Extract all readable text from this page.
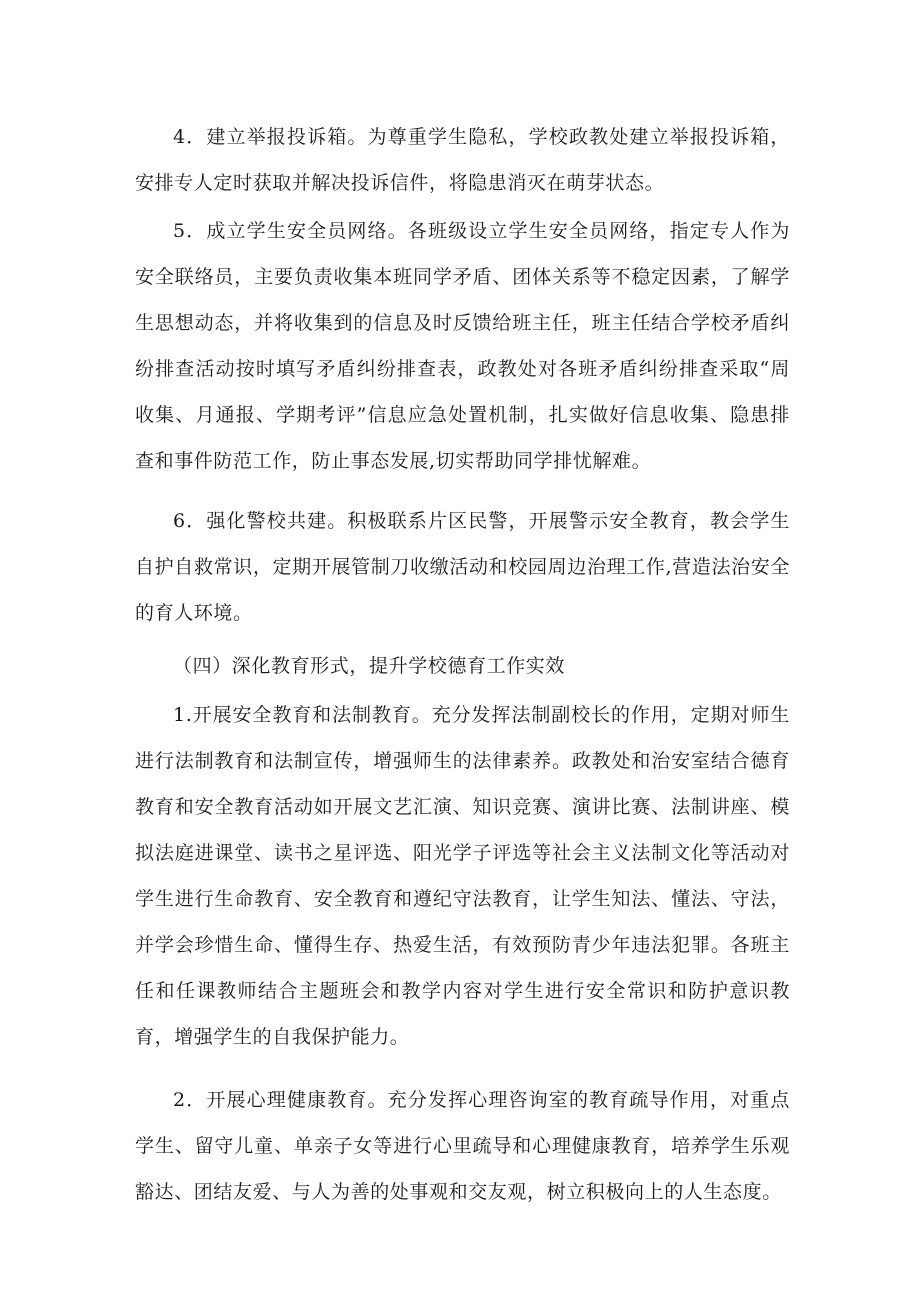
4．建立举报投诉箱。为尊重学生隐私，学校政教处建立举报投诉箱，安排专人定时获取并解决投诉信件，将隐患消灭在萌芽状态。

5．成立学生安全员网络。各班级设立学生安全员网络，指定专人作为安全联络员，主要负责收集本班同学矛盾、团体关系等不稳定因素，了解学生思想动态，并将收集到的信息及时反馈给班主任，班主任结合学校矛盾纠纷排查活动按时填写矛盾纠纷排查表，政教处对各班矛盾纠纷排查采取“周收集、月通报、学期考评”信息应急处置机制，扎实做好信息收集、隐患排查和事件防范工作，防止事态发展,切实帮助同学排忧解难。

6．强化警校共建。积极联系片区民警，开展警示安全教育，教会学生自护自救常识，定期开展管制刀收缴活动和校园周边治理工作,营造法治安全的育人环境。

（四）深化教育形式，提升学校德育工作实效

1.开展安全教育和法制教育。充分发挥法制副校长的作用，定期对师生进行法制教育和法制宣传，增强师生的法律素养。政教处和治安室结合德育教育和安全教育活动如开展文艺汇演、知识竞赛、演讲比赛、法制讲座、模拟法庭进课堂、读书之星评选、阳光学子评选等社会主义法制文化等活动对学生进行生命教育、安全教育和遵纪守法教育，让学生知法、懂法、守法，并学会珍惜生命、懂得生存、热爱生活，有效预防青少年违法犯罪。各班主任和任课教师结合主题班会和教学内容对学生进行安全常识和防护意识教育，增强学生的自我保护能力。

2．开展心理健康教育。充分发挥心理咨询室的教育疏导作用，对重点学生、留守儿童、单亲子女等进行心里疏导和心理健康教育，培养学生乐观豁达、团结友爱、与人为善的处事观和交友观，树立积极向上的人生态度。
